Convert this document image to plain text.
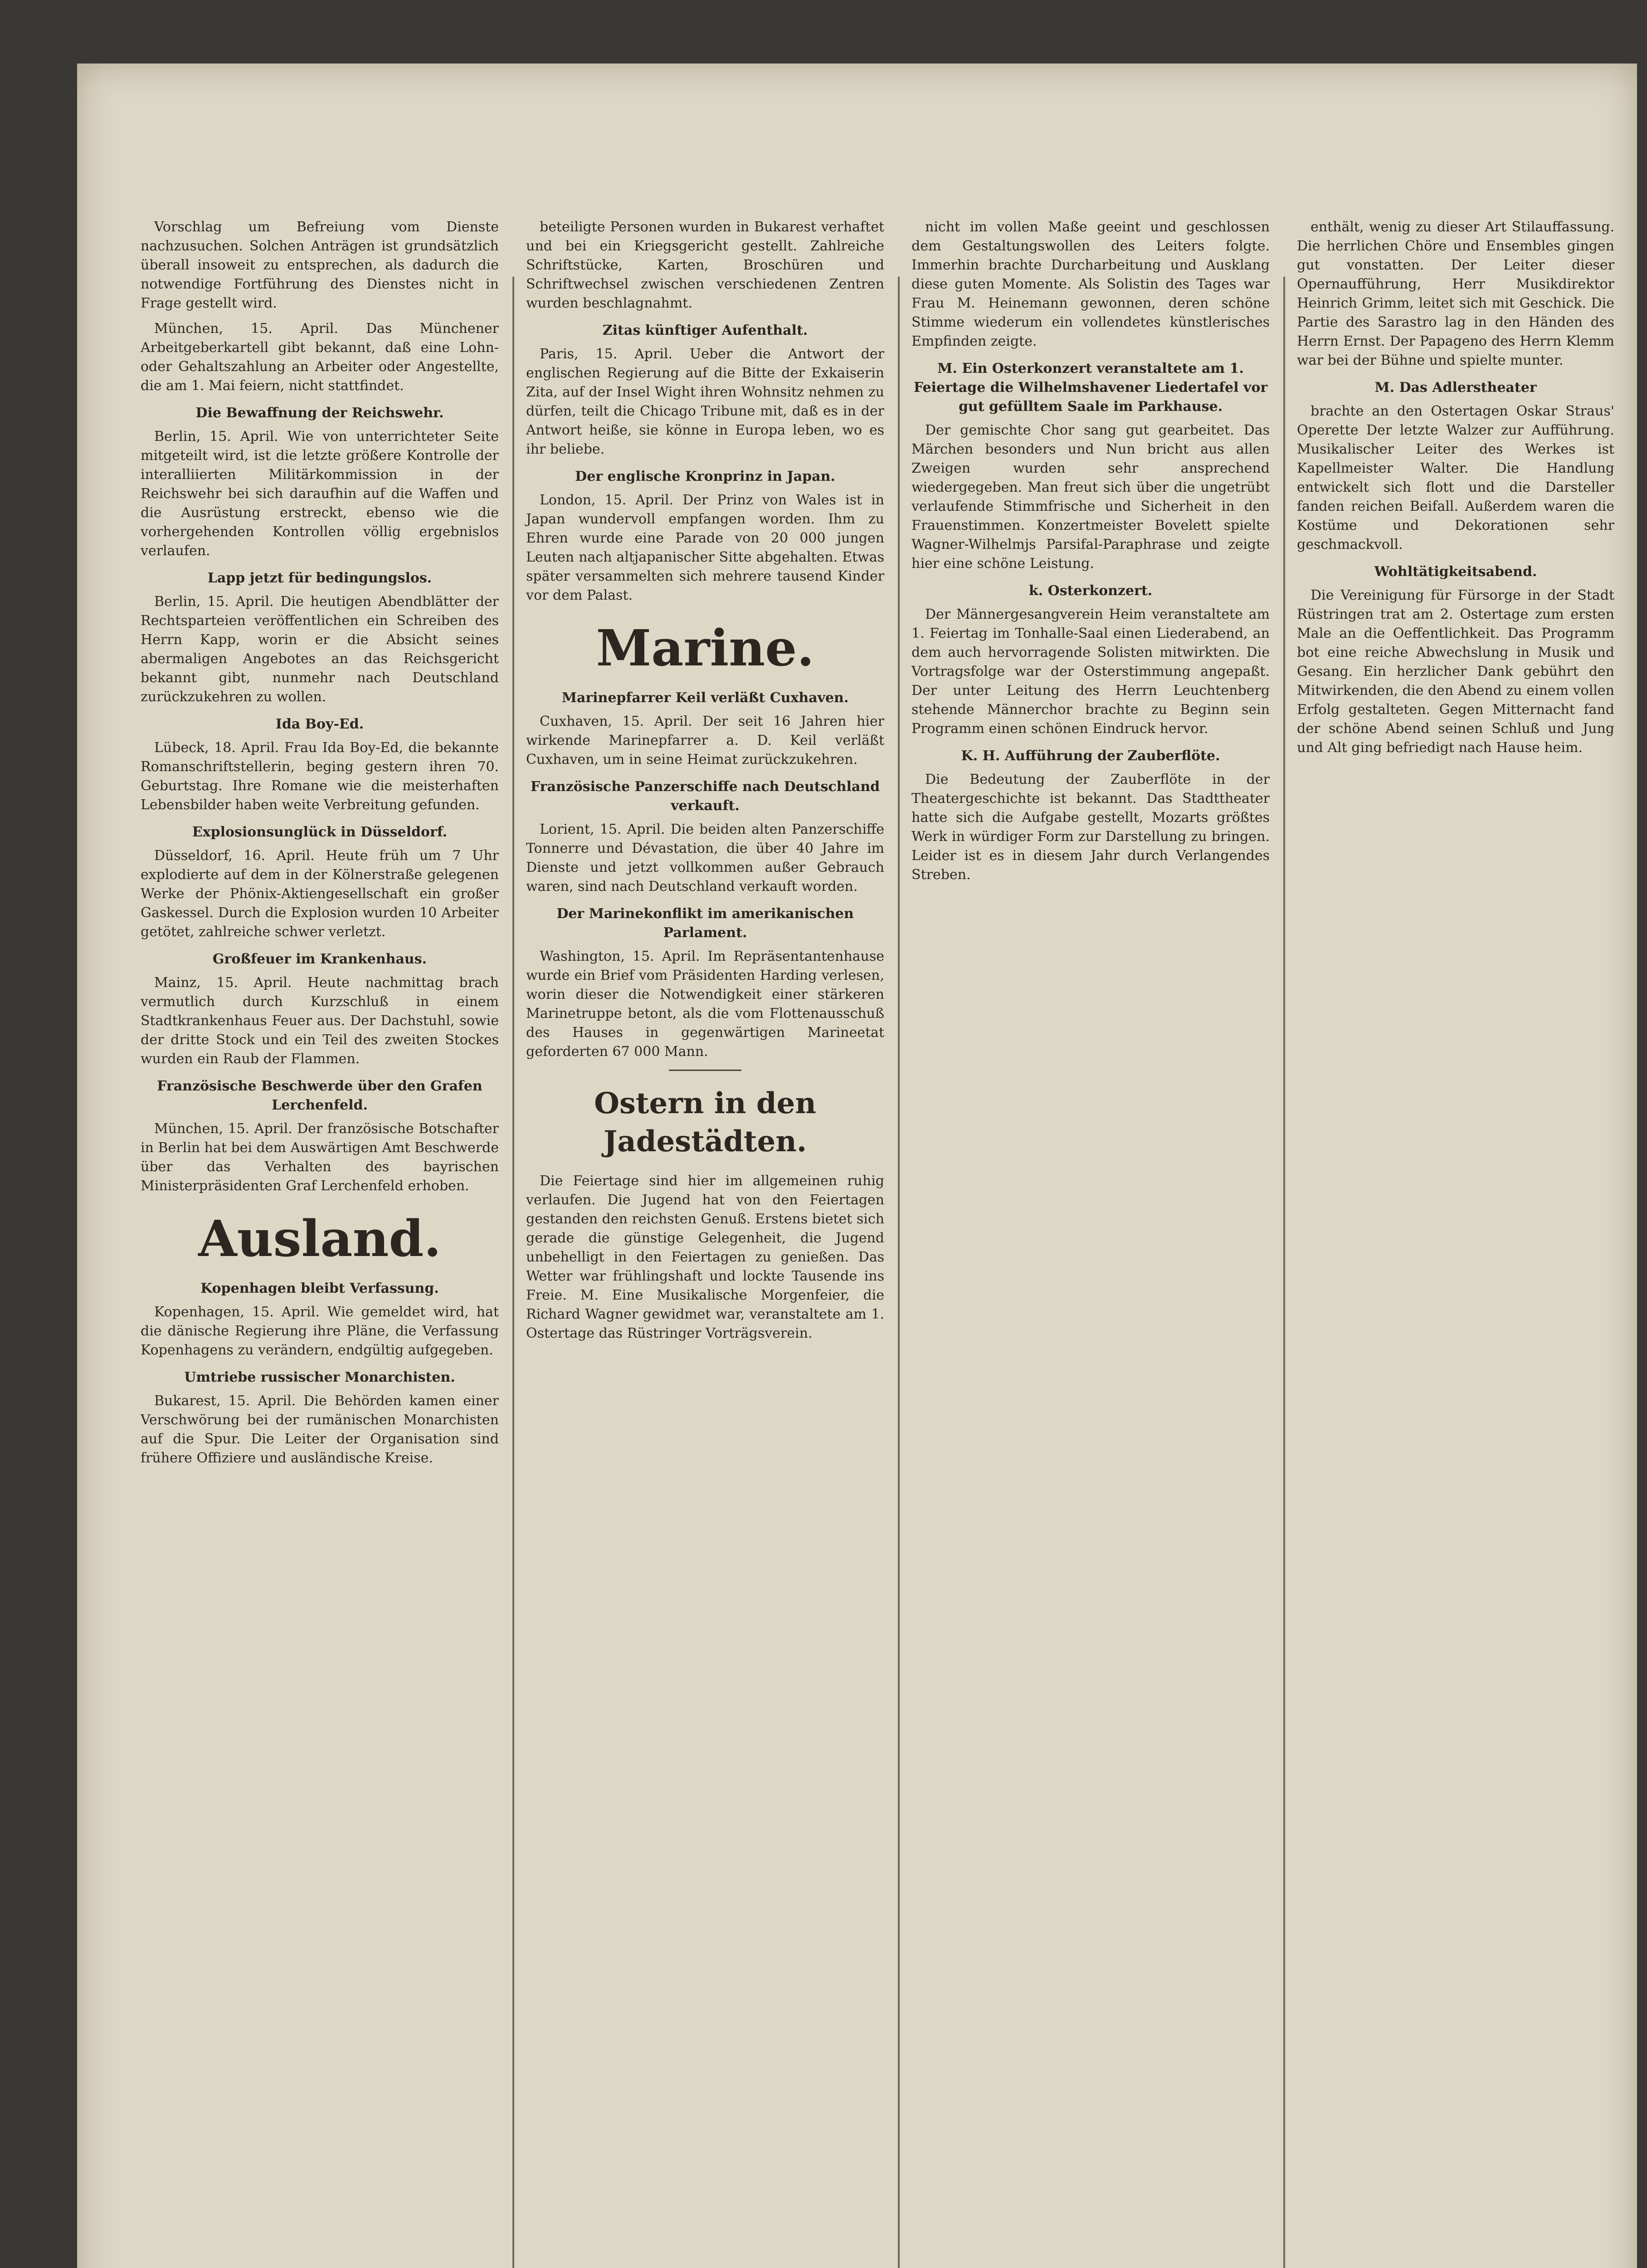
Vorschlag um Befreiung vom Dienste nachzusuchen. Solchen Anträgen ist grundsätzlich überall insoweit zu entsprechen, als dadurch die notwendige Fortführung des Dienstes nicht in Frage gestellt wird.

München, 15. April. Das Münchener Arbeitgeberkartell gibt bekannt, daß eine Lohn- oder Gehaltszahlung an Arbeiter oder Angestellte, die am 1. Mai feiern, nicht stattfindet.

Die Bewaffnung der Reichswehr.

Berlin, 15. April. Wie von unterrichteter Seite mitgeteilt wird, ist die letzte größere Kontrolle der interalliierten Militärkommission in der Reichswehr bei sich daraufhin auf die Waffen und die Ausrüstung erstreckt, ebenso wie die vorhergehenden Kontrollen völlig ergebnislos verlaufen.

Lapp jetzt für bedingungslos.

Berlin, 15. April. Die heutigen Abendblätter der Rechtsparteien veröffentlichen ein Schreiben des Herrn Kapp, worin er die Absicht seines abermaligen Angebotes an das Reichsgericht bekannt gibt, nunmehr nach Deutschland zurückzukehren zu wollen.

Ida Boy-Ed.

Lübeck, 18. April. Frau Ida Boy-Ed, die bekannte Romanschriftstellerin, beging gestern ihren 70. Geburtstag. Ihre Romane wie die meisterhaften Lebensbilder haben weite Verbreitung gefunden.

Explosionsunglück in Düsseldorf.

Düsseldorf, 16. April. Heute früh um 7 Uhr explodierte auf dem in der Kölnerstraße gelegenen Werke der Phönix-Aktiengesellschaft ein großer Gaskessel. Durch die Explosion wurden 10 Arbeiter getötet, zahlreiche schwer verletzt.

Großfeuer im Krankenhaus.

Mainz, 15. April. Heute nachmittag brach vermutlich durch Kurzschluß in einem Stadtkrankenhaus Feuer aus. Der Dachstuhl, sowie der dritte Stock und ein Teil des zweiten Stockes wurden ein Raub der Flammen.

Französische Beschwerde über den Grafen Lerchenfeld.

München, 15. April. Der französische Botschafter in Berlin hat bei dem Auswärtigen Amt Beschwerde über das Verhalten des bayrischen Ministerpräsidenten Graf Lerchenfeld erhoben.

Ausland.
Kopenhagen bleibt Verfassung.

Kopenhagen, 15. April. Wie gemeldet wird, hat die dänische Regierung ihre Pläne, die Verfassung Kopenhagens zu verändern, endgültig aufgegeben.

Umtriebe russischer Monarchisten.

Bukarest, 15. April. Die Behörden kamen einer Verschwörung bei der rumänischen Monarchisten auf die Spur. Die Leiter der Organisation sind frühere Offiziere und ausländische Kreise.

beteiligte Personen wurden in Bukarest verhaftet und bei ein Kriegsgericht gestellt. Zahlreiche Schriftstücke, Karten, Broschüren und Schriftwechsel zwischen verschiedenen Zentren wurden beschlagnahmt.

Zitas künftiger Aufenthalt.

Paris, 15. April. Ueber die Antwort der englischen Regierung auf die Bitte der Exkaiserin Zita, auf der Insel Wight ihren Wohnsitz nehmen zu dürfen, teilt die Chicago Tribune mit, daß es in der Antwort heiße, sie könne in Europa leben, wo es ihr beliebe.

Der englische Kronprinz in Japan.

London, 15. April. Der Prinz von Wales ist in Japan wundervoll empfangen worden. Ihm zu Ehren wurde eine Parade von 20 000 jungen Leuten nach altjapanischer Sitte abgehalten. Etwas später versammelten sich mehrere tausend Kinder vor dem Palast.

Marine.
Marinepfarrer Keil verläßt Cuxhaven.

Cuxhaven, 15. April. Der seit 16 Jahren hier wirkende Marinepfarrer a. D. Keil verläßt Cuxhaven, um in seine Heimat zurückzukehren.

Französische Panzerschiffe nach Deutschland verkauft.

Lorient, 15. April. Die beiden alten Panzerschiffe Tonnerre und Dévastation, die über 40 Jahre im Dienste und jetzt vollkommen außer Gebrauch waren, sind nach Deutschland verkauft worden.

Der Marinekonflikt im amerikanischen Parlament.

Washington, 15. April. Im Repräsentantenhause wurde ein Brief vom Präsidenten Harding verlesen, worin dieser die Notwendigkeit einer stärkeren Marinetruppe betont, als die vom Flottenausschuß des Hauses in gegenwärtigen Marineetat geforderten 67 000 Mann.

Ostern in den Jadestädten.

Die Feiertage sind hier im allgemeinen ruhig verlaufen. Die Jugend hat von den Feiertagen gestanden den reichsten Genuß. Erstens bietet sich gerade die günstige Gelegenheit, die Jugend unbehelligt in den Feiertagen zu genießen. Das Wetter war frühlingshaft und lockte Tausende ins Freie. M. Eine Musikalische Morgenfeier, die Richard Wagner gewidmet war, veranstaltete am 1. Ostertage das Rüstringer Vorträgsverein.

nicht im vollen Maße geeint und geschlossen dem Gestaltungswollen des Leiters folgte. Immerhin brachte Durcharbeitung und Ausklang diese guten Momente. Als Solistin des Tages war Frau M. Heinemann gewonnen, deren schöne Stimme wiederum ein vollendetes künstlerisches Empfinden zeigte.

M. Ein Osterkonzert veranstaltete am 1. Feiertage die Wilhelmshavener Liedertafel vor gut gefülltem Saale im Parkhause.

Der gemischte Chor sang gut gearbeitet. Das Märchen besonders und Nun bricht aus allen Zweigen wurden sehr ansprechend wiedergegeben. Man freut sich über die ungetrübt verlaufende Stimmfrische und Sicherheit in den Frauenstimmen. Konzertmeister Bovelett spielte Wagner-Wilhelmjs Parsifal-Paraphrase und zeigte hier eine schöne Leistung.

k. Osterkonzert.

Der Männergesangverein Heim veranstaltete am 1. Feiertag im Tonhalle-Saal einen Liederabend, an dem auch hervorragende Solisten mitwirkten. Die Vortragsfolge war der Osterstimmung angepaßt. Der unter Leitung des Herrn Leuchtenberg stehende Männerchor brachte zu Beginn sein Programm einen schönen Eindruck hervor.

K. H. Aufführung der Zauberflöte.

Die Bedeutung der Zauberflöte in der Theatergeschichte ist bekannt. Das Stadttheater hatte sich die Aufgabe gestellt, Mozarts größtes Werk in würdiger Form zur Darstellung zu bringen. Leider ist es in diesem Jahr durch Verlangendes Streben.

enthält, wenig zu dieser Art Stilauffassung. Die herrlichen Chöre und Ensembles gingen gut vonstatten. Der Leiter dieser Opernaufführung, Herr Musikdirektor Heinrich Grimm, leitet sich mit Geschick. Die Partie des Sarastro lag in den Händen des Herrn Ernst. Der Papageno des Herrn Klemm war bei der Bühne und spielte munter.

M. Das Adlerstheater

brachte an den Ostertagen Oskar Straus' Operette Der letzte Walzer zur Aufführung. Musikalischer Leiter des Werkes ist Kapellmeister Walter. Die Handlung entwickelt sich flott und die Darsteller fanden reichen Beifall. Außerdem waren die Kostüme und Dekorationen sehr geschmackvoll.

Wohltätigkeitsabend.

Die Vereinigung für Fürsorge in der Stadt Rüstringen trat am 2. Ostertage zum ersten Male an die Oeffentlichkeit. Das Programm bot eine reiche Abwechslung in Musik und Gesang. Ein herzlicher Dank gebührt den Mitwirkenden, die den Abend zu einem vollen Erfolg gestalteten. Gegen Mitternacht fand der schöne Abend seinen Schluß und Jung und Alt ging befriedigt nach Hause heim.
